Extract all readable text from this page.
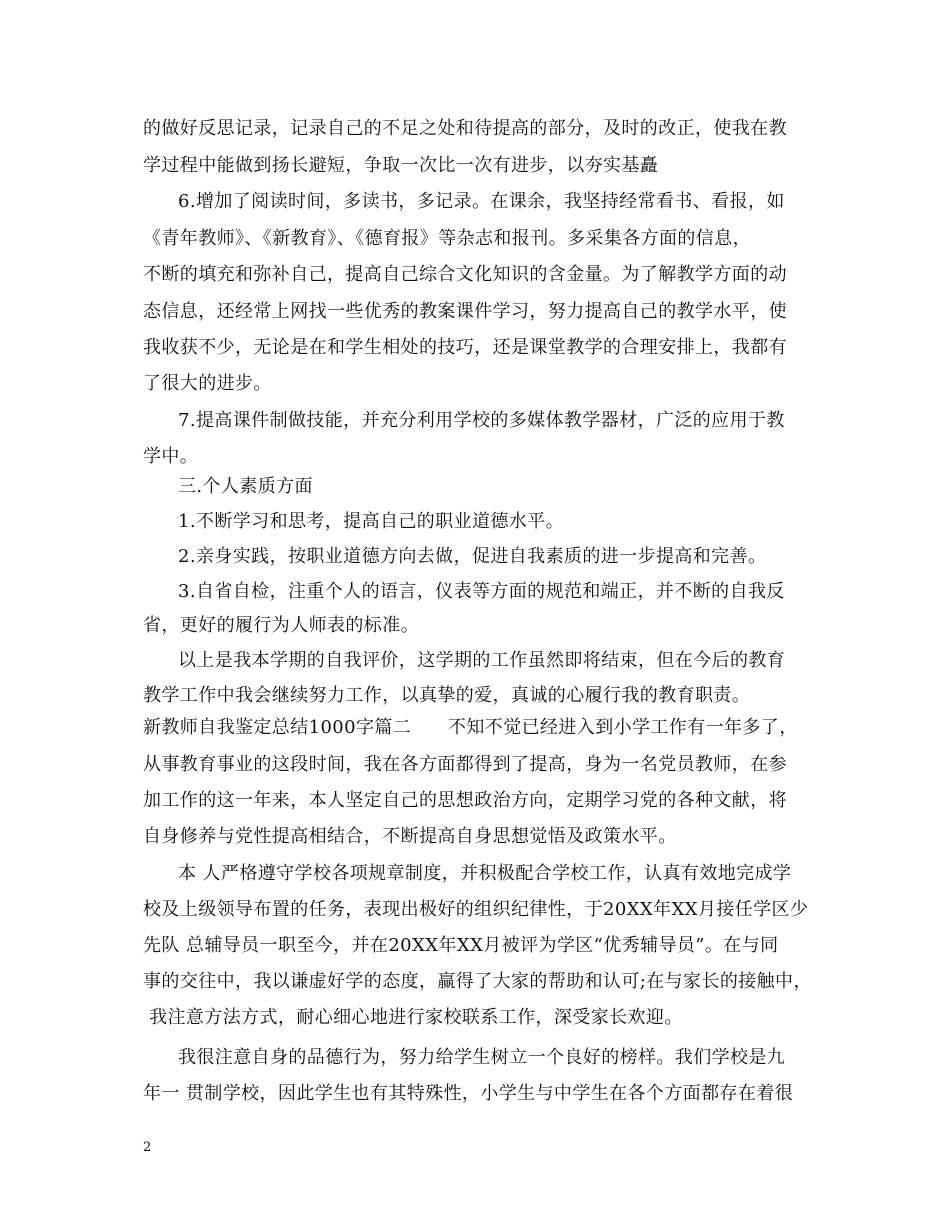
的做好反思记录，记录自己的不足之处和待提高的部分，及时的改正，使我在教
学过程中能做到扬长避短，争取一次比一次有进步，以夯实基矗
6.增加了阅读时间，多读书，多记录。在课余，我坚持经常看书、看报，如
《青年教师》、《新教育》、《德育报》等杂志和报刊。多采集各方面的信息，
不断的填充和弥补自己，提高自己综合文化知识的含金量。为了解教学方面的动
态信息，还经常上网找一些优秀的教案课件学习，努力提高自己的教学水平，使
我收获不少，无论是在和学生相处的技巧，还是课堂教学的合理安排上，我都有
了很大的进步。
7.提高课件制做技能，并充分利用学校的多媒体教学器材，广泛的应用于教
学中。
三.个人素质方面
1.不断学习和思考，提高自己的职业道德水平。
2.亲身实践，按职业道德方向去做，促进自我素质的进一步提高和完善。
3.自省自检，注重个人的语言，仪表等方面的规范和端正，并不断的自我反
省，更好的履行为人师表的标准。
以上是我本学期的自我评价，这学期的工作虽然即将结束，但在今后的教育
教学工作中我会继续努力工作，以真挚的爱，真诚的心履行我的教育职责。
新教师自我鉴定总结1000字篇二　　不知不觉已经进入到小学工作有一年多了，
从事教育事业的这段时间，我在各方面都得到了提高，身为一名党员教师，在参
加工作的这一年来，本人坚定自己的思想政治方向，定期学习党的各种文献，将
自身修养与党性提高相结合，不断提高自身思想觉悟及政策水平。
本 人严格遵守学校各项规章制度，并积极配合学校工作，认真有效地完成学
校及上级领导布置的任务，表现出极好的组织纪律性，于20XX年XX月接任学区少
先队 总辅导员一职至今，并在20XX年XX月被评为学区“优秀辅导员”。在与同
事的交往中，我以谦虚好学的态度，赢得了大家的帮助和认可;在与家长的接触中，
我注意方法方式，耐心细心地进行家校联系工作，深受家长欢迎。
我很注意自身的品德行为，努力给学生树立一个良好的榜样。我们学校是九
年一 贯制学校，因此学生也有其特殊性，小学生与中学生在各个方面都存在着很
2
